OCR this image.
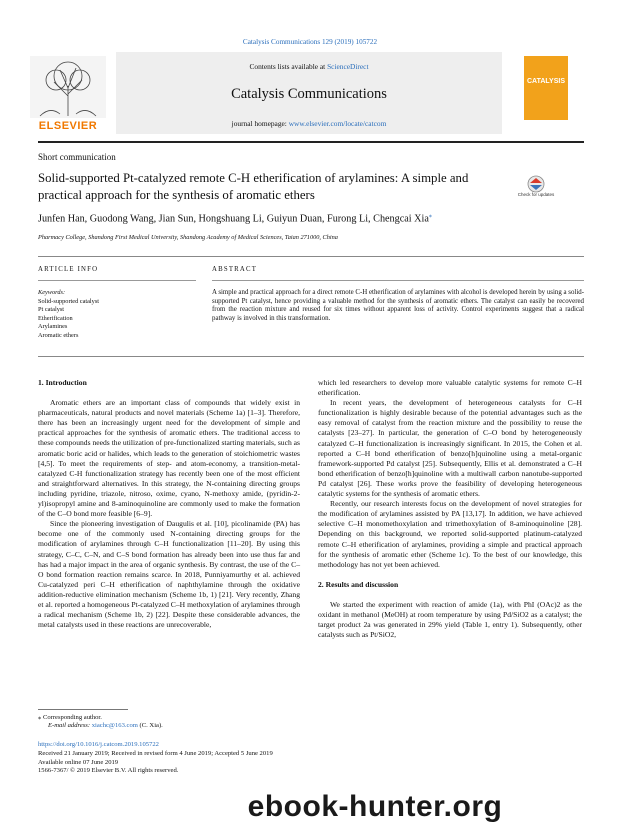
Catalysis Communications 129 (2019) 105722
ELSEVIER
Contents lists available at ScienceDirect
Catalysis Communications
journal homepage: www.elsevier.com/locate/catcom
CATALYSIS
Short communication
Solid-supported Pt-catalyzed remote C-H etherification of arylamines: A simple and practical approach for the synthesis of aromatic ethers	Check for updates
Junfen Han, Guodong Wang, Jian Sun, Hongshuang Li, Guiyun Duan, Furong Li, Chengcai Xia⁎
Pharmacy College, Shandong First Medical University, Shandong Academy of Medical Sciences, Taian 271000, China
ARTICLE INFO	ABSTRACT
Keywords:
Solid-supported catalyst
Pt catalyst
Etherification
Arylamines
Aromatic ethers
A simple and practical approach for a direct remote C-H etherification of arylamines with alcohol is developed herein by using a solid-supported Pt catalyst, hence providing a valuable method for the synthesis of aromatic ethers. The catalyst can easily be recovered from the reaction mixture and reused for six times without apparent loss of activity. Control experiments suggest that a radical pathway is involved in this transformation.
1. Introduction

Aromatic ethers are an important class of compounds that widely exist in pharmaceuticals, natural products and novel materials (Scheme 1a) [1–3]. Therefore, there has been an increasingly urgent need for the development of simple and practical approaches for the synthesis of aromatic ethers. The traditional access to these compounds needs the utilization of pre-functionalized starting materials, such as aromatic boric acid or halides, which leads to the generation of stoichiometric wastes [4,5]. To meet the requirements of step- and atom-economy, a transition-metal-catalyzed C-H functionalization strategy has recently been one of the most efficient and straightforward alternatives. In this strategy, the N-containing directing groups including pyridine, triazole, nitroso, oxime, cyano, N-methoxy amide, (pyridin-2-yl)isopropyl amine and 8-aminoquinoline are commonly used to make the formation of the C–O bond more feasible [6–9].

Since the pioneering investigation of Daugulis et al. [10], picolinamide (PA) has become one of the commonly used N-containing directing groups for the modification of arylamines through C–H functionalization [11–20]. By using this strategy, C–C, C–N, and C–S bond formation has already been into use thus far and has had a major impact in the area of organic synthesis. By contrast, the use of the C–O bond formation reaction remains scarce. In 2018, Punniyamurthy et al. achieved Cu-catalyzed peri C–H etherification of naphthylamine through the oxidative addition-reductive elimination mechanism (Scheme 1b, 1) [21]. Very recently, Zhang et al. reported a homogeneous Pt-catalyzed C–H methoxylation of arylamines through a radical mechanism (Scheme 1b, 2) [22]. Despite these considerable advances, the metal catalysts used in these reactions are unrecoverable,

which led researchers to develop more valuable catalytic systems for remote C–H etherification.

In recent years, the development of heterogeneous catalysts for C–H functionalization is highly desirable because of the potential advantages such as the easy removal of catalyst from the reaction mixture and the possibility to reuse the catalysts [23–27]. In particular, the generation of C–O bond by heterogeneously catalyzed C–H functionalization is increasingly significant. In 2015, the Cohen et al. reported a C–H bond etherification of benzo[h]quinoline using a metal-organic framework-supported Pd catalyst [25]. Subsequently, Ellis et al. demonstrated a C–H bond etherification of benzo[h]quinoline with a multiwall carbon nanotube-supported Pd catalyst [26]. These works prove the feasibility of developing heterogeneous catalytic systems for the synthesis of aromatic ethers.

Recently, our research interests focus on the development of novel strategies for the modification of arylamines assisted by PA [13,17]. In addition, we have achieved selective C–H monomethoxylation and trimethoxylation of 8-aminoquinoline [28]. Depending on this background, we reported solid-supported platinum-catalyzed remote C–H etherification of arylamines, providing a simple and practical approach for the synthesis of aromatic ether (Scheme 1c). To the best of our knowledge, this methodology has not yet been achieved.

2. Results and discussion

We started the experiment with reaction of amide (1a), with PhI (OAc)2 as the oxidant in methanol (MeOH) at room temperature by using Pd/SiO2 as a catalyst; the target product 2a was generated in 29% yield (Table 1, entry 1). Subsequently, other catalysts such as Pt/SiO2,

⁎ Corresponding author.
E-mail address: xiachc@163.com (C. Xia).
https://doi.org/10.1016/j.catcom.2019.105722
Received 21 January 2019; Received in revised form 4 June 2019; Accepted 5 June 2019
Available online 07 June 2019
1566-7367/ © 2019 Elsevier B.V. All rights reserved.
ebook-hunter.org
